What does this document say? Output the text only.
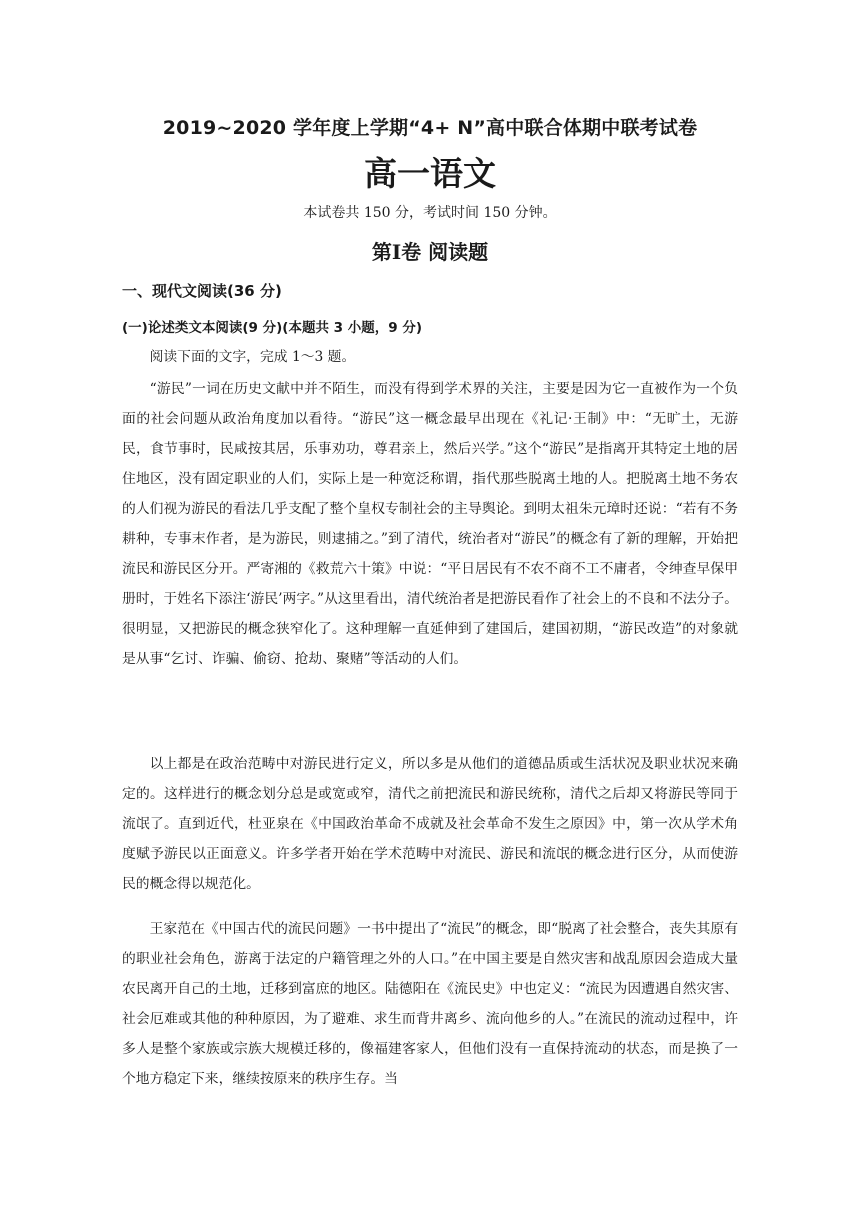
2019~2020 学年度上学期“4+ N”高中联合体期中联考试卷
高一语文
本试卷共 150 分，考试时间 150 分钟。
第Ⅰ卷 阅读题
一、现代文阅读(36 分)
(一)论述类文本阅读(9 分)(本题共 3 小题，9 分)

阅读下面的文字，完成 1～3 题。

“游民”一词在历史文献中并不陌生，而没有得到学术界的关注，主要是因为它一直被作为一个负面的社会问题从政治角度加以看待。“游民”这一概念最早出现在《礼记·王制》中：“无旷土，无游民，食节事时，民咸按其居，乐事劝功，尊君亲上，然后兴学。”这个“游民”是指离开其特定土地的居住地区，没有固定职业的人们，实际上是一种宽泛称谓，指代那些脱离土地的人。把脱离土地不务农的人们视为游民的看法几乎支配了整个皇权专制社会的主导舆论。到明太祖朱元璋时还说：“若有不务耕种，专事末作者，是为游民，则逮捕之。”到了清代，统治者对“游民”的概念有了新的理解，开始把流民和游民区分开。严寄湘的《救荒六十策》中说：“平日居民有不农不商不工不庸者，令绅查早保甲册时，于姓名下添注‘游民’两字。”从这里看出，清代统治者是把游民看作了社会上的不良和不法分子。很明显，又把游民的概念狭窄化了。这种理解一直延伸到了建国后，建国初期，“游民改造”的对象就是从事“乞讨、诈骗、偷窃、抢劫、聚赌”等活动的人们。

以上都是在政治范畴中对游民进行定义，所以多是从他们的道德品质或生活状况及职业状况来确定的。这样进行的概念划分总是或宽或窄，清代之前把流民和游民统称，清代之后却又将游民等同于流氓了。直到近代，杜亚泉在《中国政治革命不成就及社会革命不发生之原因》中，第一次从学术角度赋予游民以正面意义。许多学者开始在学术范畴中对流民、游民和流氓的概念进行区分，从而使游民的概念得以规范化。

王家范在《中国古代的流民问题》一书中提出了“流民”的概念，即“脱离了社会整合，丧失其原有的职业社会角色，游离于法定的户籍管理之外的人口。”在中国主要是自然灾害和战乱原因会造成大量农民离开自己的土地，迁移到富庶的地区。陆德阳在《流民史》中也定义：“流民为因遭遇自然灾害、社会厄难或其他的种种原因，为了避难、求生而背井离乡、流向他乡的人。”在流民的流动过程中，许多人是整个家族或宗族大规模迁移的，像福建客家人，但他们没有一直保持流动的状态，而是换了一个地方稳定下来，继续按原来的秩序生存。当
